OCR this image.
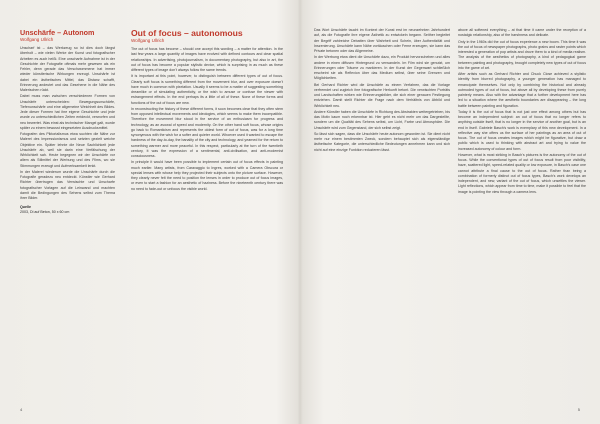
Unschärfe – Autonom
Wolfgang Ullrich

Unscharf ist – das Werkzeug so ist dies doch längst überholt – wie vielen Werke der Kunst und fotografischer Arbeiten es auch heißt. Eine unscharfe Aufnahme ist in der Geschichte der Fotografie oftmals mehr gewesen als ein Fehler, denn gerade das Verschwommene hat immer wieder künstlerische Wirkungen erzeugt. Unschärfe ist dabei ein ästhetisches Mittel, das Distanz schafft, Erinnerung andeutet und das Gesehene in die Nähe des Malerischen rückt.

Dabei muss man zwischen verschiedenen Formen von Unschärfe unterscheiden: Bewegungsunschärfe, Tiefenunschärfe und eine allgemeine Weichheit des Bildes. Jede dieser Formen hat ihre eigene Geschichte und jede wurde zu unterschiedlichen Zeiten entdeckt, verworfen und neu bewertet. Was einst als technischer Mangel galt, wurde später zu einem bewusst eingesetzten Ausdrucksmittel.

Fotografen des Piktorialismus etwa suchten die Nähe zur Malerei des Impressionismus und setzten gezielt weiche Objektive ein. Später lehnte die Neue Sachlichkeit jede Unschärfe ab, weil sie darin eine Verfälschung der Wirklichkeit sah. Heute begegnen wir der Unschärfe vor allem als Stilmittel der Werbung und des Films, wo sie Stimmungen erzeugt und Aufmerksamkeit lenkt.

In der Malerei wiederum wurde die Unschärfe durch die Fotografie geradezu neu entdeckt. Künstler wie Gerhard Richter übertrugen das Verwischte und Unscharfe fotografischer Vorlagen auf die Leinwand und machten damit die Bedingungen des Sehens selbst zum Thema ihrer Bilder.

Quelle
2003, Di auf Beton, 50 x 60 cm
Out of focus – autonomous
Wolfgang Ullrich

The out of focus has become – should one accept this wording – a matter for attention. In the last few years a large quantity of images have evolved with defined contours and clear spatial relationships. In advertising, photojournalism, in documentary photography, but also in art, the out of focus has become a popular stylistic device, which is surprising in as much as these different types of image don't always follow the same trends.

It is important at this point, however, to distinguish between different types of out of focus. Clearly soft focus is something different from the movement blur, and over exposure doesn't have much in common with pixelation. Usually it seems to be a matter of suggesting something dreamlike or of simulating authenticity, or the wish to amuse or confuse the viewer with estrangement effects. In the end perhaps its a little of all of these. None of these forms and functions of the out of focus are new.

In reconstructing the history of these different forms, it soon becomes clear that they often stem from opposed intellectual movements and ideologies, which seems to make them incompatible. Therefore the movement blur stood in the service of an enthusiasm for progress and technology, as an avowal of speed and modernity. On the other hand soft focus, whose origins go back to Romanticism and represents the oldest form of out of focus, was for a long time synonymous with the wish for a softer and quieter world. Whoever used it wanted to escape the hardness of the day-to-day, the banality of the city and technology, and yearned for the return to something warmer and more peaceful. In this respect, particularly at the turn of the twentieth century, it was the expression of a sentimental, anti-civilisation, and anti-modernist consciousness.

In principle it would have been possible to implement certain out of focus effects in painting much earlier. Many artists, from Caravaggio to Ingres, worked with a Camera Obscura or special lenses with whose help they projected their subjects onto the picture surface. However, they clearly never felt the need to position the lenses in order to produce out of focus images, or even to start a fashion for an aesthetic of haziness. Before the nineteenth century there was no need to fade-out or unfocus the visible world.

4

Das Wort Unschärfe taucht im Kontext der Kunst erst im neunzehnten Jahrhundert auf, als die Fotografie ihre eigene Ästhetik zu entwickeln begann. Seither begleitet der Begriff zahlreiche Debatten über Wahrheit und Schein, über Authentizität und Inszenierung. Unschärfe kann Nähe vortäuschen oder Ferne erzeugen, sie kann das Private betonen oder das Allgemeine.

In der Werbung etwa dient die Unschärfe dazu, ein Produkt hervorzuheben und alles andere in einen diffusen Hintergrund zu verwandeln. Im Film wird sie genutzt, um Erinnerungen oder Träume zu markieren. In der Kunst der Gegenwart schließlich erscheint sie als Reflexion über das Medium selbst, über seine Grenzen und Möglichkeiten.

Bei Gerhard Richter wird die Unschärfe zu einem Verfahren, das die Vorlage verfremdet und zugleich ihre fotografische Herkunft betont. Die verwischten Porträts und Landschaften wirken wie Erinnerungsbilder, die sich einer genauen Festlegung entziehen. Damit stellt Richter die Frage nach dem Verhältnis von Abbild und Wirklichkeit neu.

Andere Künstler haben die Unschärfe in Richtung des Abstrakten weitergetrieben, bis das Motiv kaum noch erkennbar ist. Hier geht es nicht mehr um das Dargestellte, sondern um die Qualität des Sehens selbst, um Licht, Farbe und Atmosphäre. Die Unschärfe wird zum Gegenstand, der sich selbst zeigt.

So lässt sich sagen, dass die Unschärfe heute autonom geworden ist. Sie dient nicht mehr nur einem bestimmten Zweck, sondern behauptet sich als eigenständige ästhetische Kategorie, die unterschiedliche Bedeutungen annehmen kann und sich nicht auf eine einzige Funktion reduzieren lässt.

above all softened everything – at that time it came under the reception of a nostalgic relationship, also of the harshness and delicate.

Only in the 1960s did the out of focus experience a new boom. This time it was the out of focus of newspaper photographs, photo grains and raster points which interested a generation of pop artists and drove them to a kind of media realism. The analysis of the aesthetics of photography, a kind of pedagogical game between painting and photography, brought completely new types of out of focus into the game of art.

After artists such as Gerhard Richter and Chuck Close achieved a stylistic identity from blurred photography, a younger generation has managed to emancipate themselves. Not only by combining the historical and already outmoded types of out of focus, but above all by developing these from purely painterly means. Also with the advantage that a further development here has led to a situation where the aesthetic boundaries are disappearing – the long battle between painting and figuration.

Today it is the out of focus that is not just one effect among others but has become an independent subject: an out of focus that no longer refers to anything outside itself, that is no longer in the service of another goal, but is an end in itself. Gabriele Basch's work is exemplary of this new development. In a reflective way she offers us the surface of her paintings as an area of out of focus. The out of focus creates images which might be figurative, but draw a public which is used to thinking with abstract art and trying to value the increased autonomy of colour and form.

However, what is most striking in Basch's pictures is the autonomy of the out of focus. While the conventional types of out of focus result from poor visibility, haze, scattered light, speed-related quality or low exposure, in Basch's case one cannot attribute a final cause to the out of focus. Rather than being a combination of formerly distinct out of focus types, Basch's work develops an independent, and new, variant of the out of focus, which unsettles the viewer. Light reflections, which appear from time to time, make it possible to feel that the image is pointing the view through a camera lens.

5
